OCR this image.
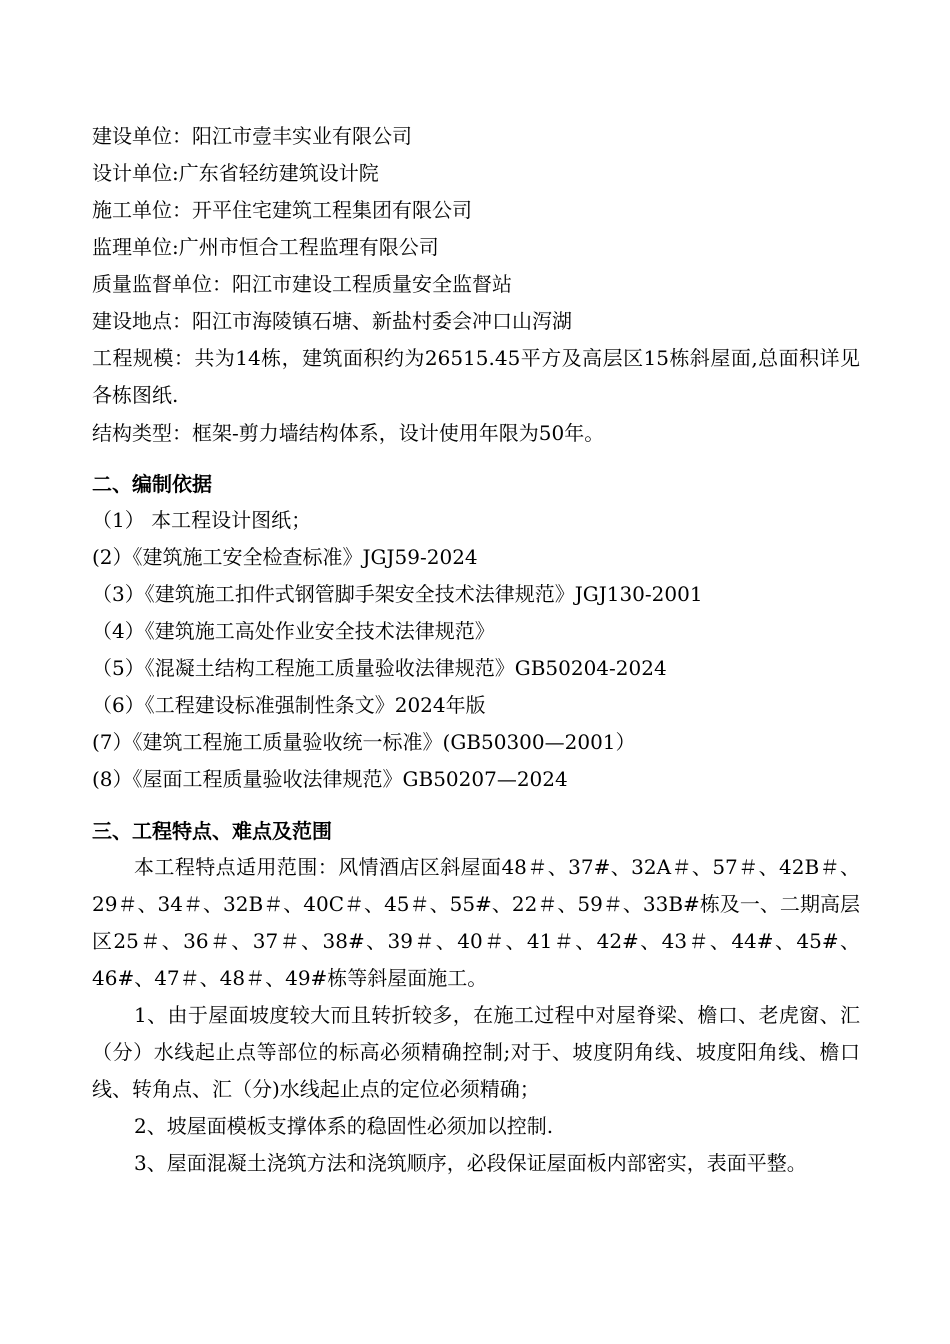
建设单位：阳江市壹丰实业有限公司
设计单位:广东省轻纺建筑设计院
施工单位：开平住宅建筑工程集团有限公司
监理单位:广州市恒合工程监理有限公司
质量监督单位：阳江市建设工程质量安全监督站
建设地点：阳江市海陵镇石塘、新盐村委会冲口山泻湖
工程规模：共为14栋，建筑面积约为26515.45平方及高层区15栋斜屋面,总面积详见各栋图纸.
结构类型：框架-剪力墙结构体系，设计使用年限为50年。
二、编制依据
（1） 本工程设计图纸；
(2）《建筑施工安全检查标准》JGJ59-2024
（3）《建筑施工扣件式钢管脚手架安全技术法律规范》JGJ130-2001
（4）《建筑施工高处作业安全技术法律规范》
（5）《混凝土结构工程施工质量验收法律规范》GB50204-2024
（6）《工程建设标准强制性条文》2024年版
(7）《建筑工程施工质量验收统一标准》(GB50300—2001）
(8）《屋面工程质量验收法律规范》GB50207—2024
三、工程特点、难点及范围
本工程特点适用范围：风情酒店区斜屋面48＃、37#、32A＃、57＃、42B＃、29＃、34＃、32B＃、40C＃、45＃、55#、22＃、59＃、33B#栋及一、二期高层区25＃、36＃、37＃、38#、39＃、40＃、41＃、42#、43＃、44#、45#、46#、47＃、48＃、49#栋等斜屋面施工。
1、由于屋面坡度较大而且转折较多，在施工过程中对屋脊梁、檐口、老虎窗、汇（分）水线起止点等部位的标高必须精确控制;对于、坡度阴角线、坡度阳角线、檐口线、转角点、汇（分)水线起止点的定位必须精确；
2、坡屋面模板支撑体系的稳固性必须加以控制.
3、屋面混凝土浇筑方法和浇筑顺序，必段保证屋面板内部密实，表面平整。
